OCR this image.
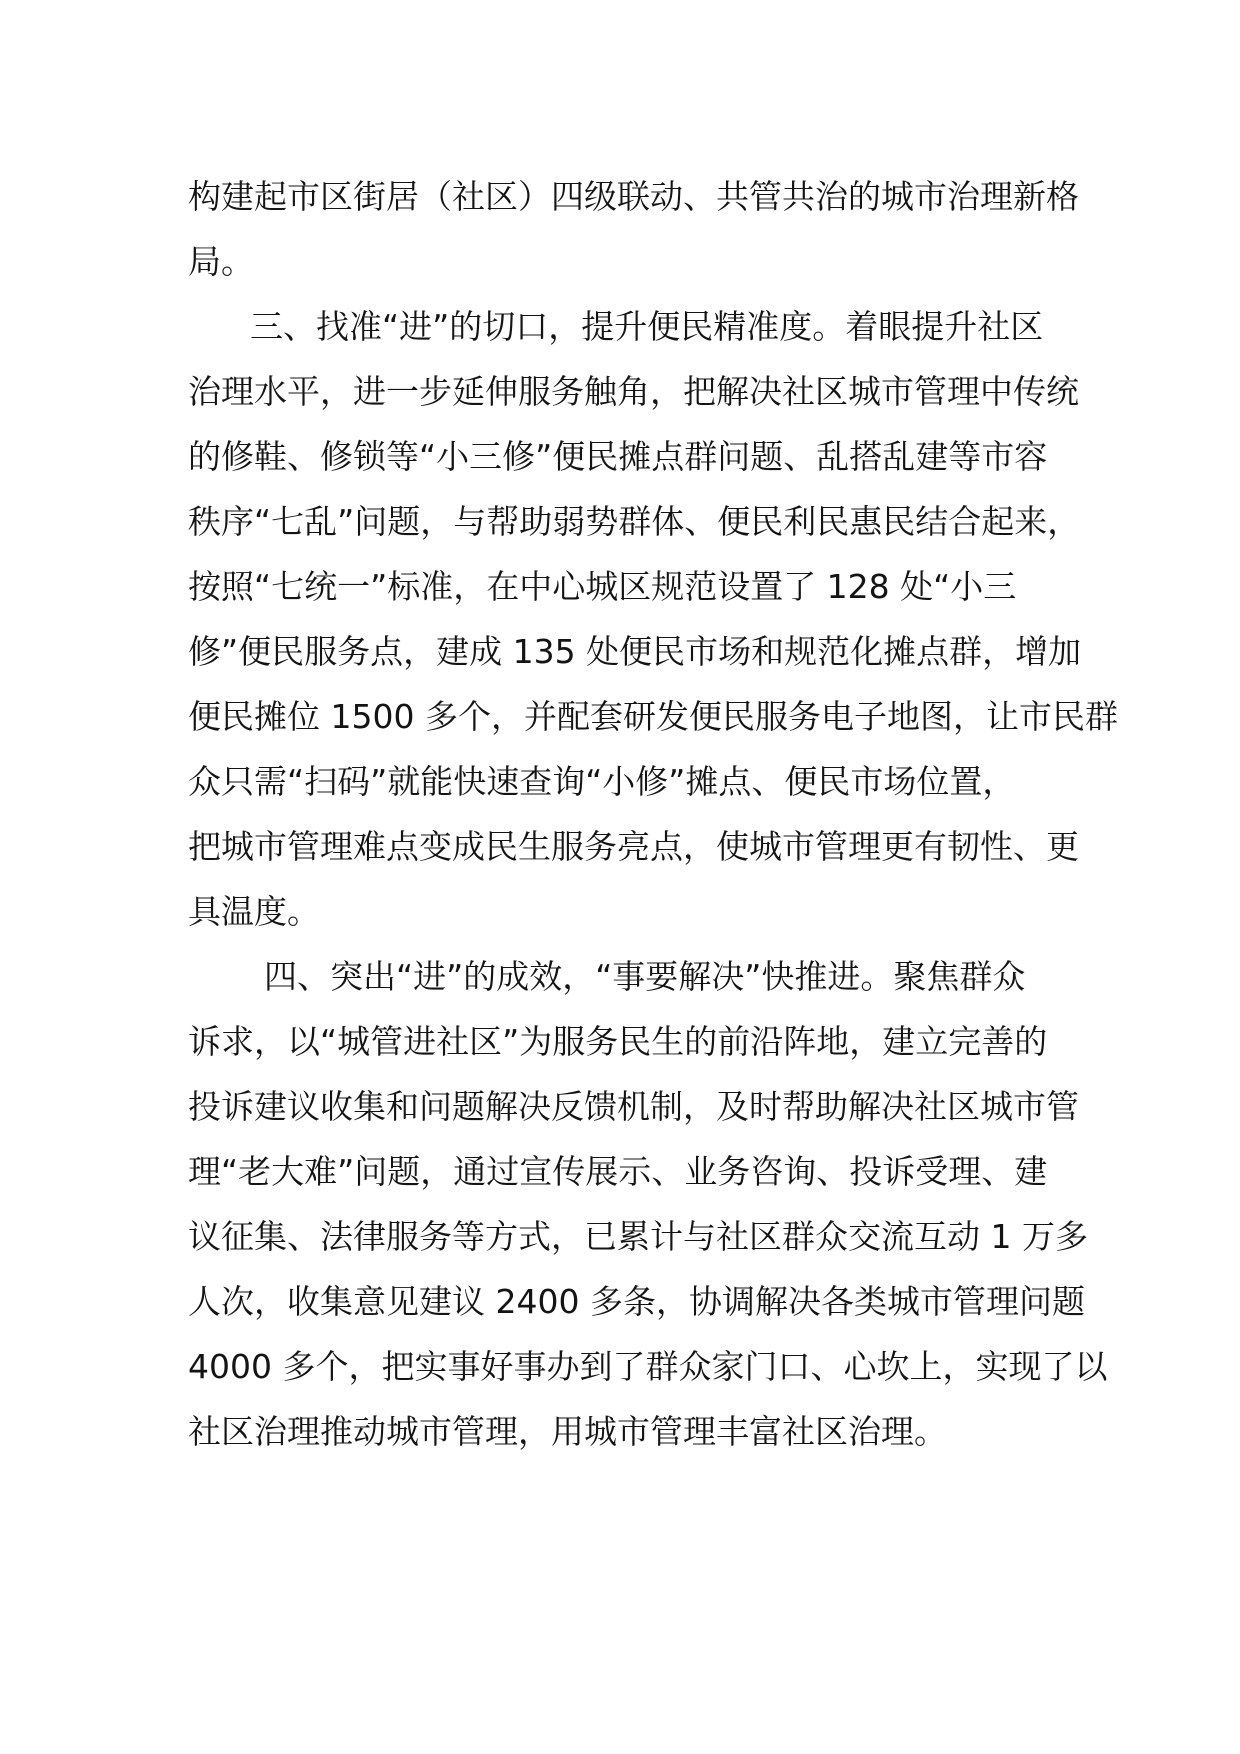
构建起市区街居（社区）四级联动、共管共治的城市治理新格
局。
三、找准“进”的切口，提升便民精准度。着眼提升社区
治理水平，进一步延伸服务触角，把解决社区城市管理中传统
的修鞋、修锁等“小三修”便民摊点群问题、乱搭乱建等市容
秩序“七乱”问题，与帮助弱势群体、便民利民惠民结合起来，
按照“七统一”标准，在中心城区规范设置了 128 处“小三
修”便民服务点，建成 135 处便民市场和规范化摊点群，增加
便民摊位 1500 多个，并配套研发便民服务电子地图，让市民群
众只需“扫码”就能快速查询“小修”摊点、便民市场位置，
把城市管理难点变成民生服务亮点，使城市管理更有韧性、更
具温度。
四、突出“进”的成效，“事要解决”快推进。聚焦群众
诉求，以“城管进社区”为服务民生的前沿阵地，建立完善的
投诉建议收集和问题解决反馈机制，及时帮助解决社区城市管
理“老大难”问题，通过宣传展示、业务咨询、投诉受理、建
议征集、法律服务等方式，已累计与社区群众交流互动 1 万多
人次，收集意见建议 2400 多条，协调解决各类城市管理问题
4000 多个，把实事好事办到了群众家门口、心坎上，实现了以
社区治理推动城市管理，用城市管理丰富社区治理。
